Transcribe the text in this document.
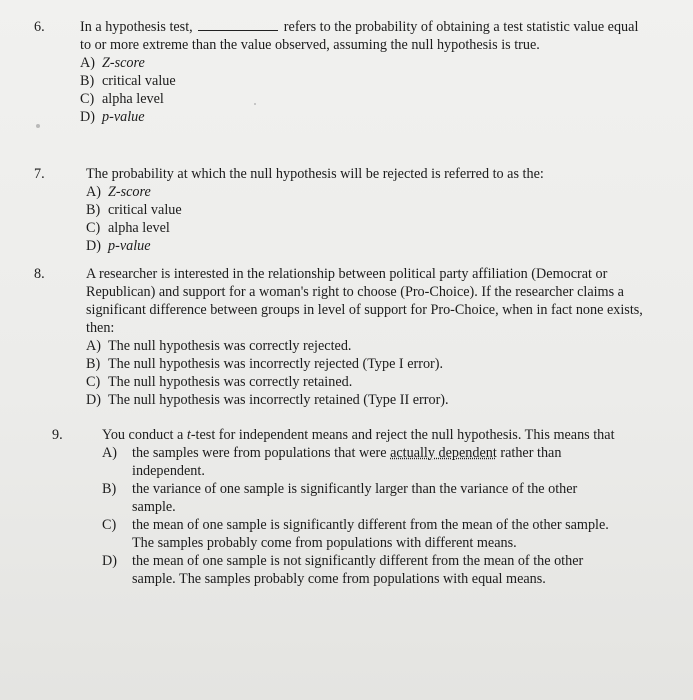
6. In a hypothesis test,	refers to the probability of obtaining a test statistic value equal to or more extreme than the value observed, assuming the null hypothesis is true.

A) Z-score
B) critical value
C) alpha level
D) p-value
7.	The probability at which the null hypothesis will be rejected is referred to as the:

A) Z-score
B) critical value
C) alpha level
D) p-value
8.	A researcher is interested in the relationship between political party affiliation (Democrat or Republican) and support for a woman's right to choose (Pro-Choice). If the researcher claims a significant difference between groups in level of support for Pro-Choice, when in fact none exists, then:

A) The null hypothesis was correctly rejected.
B) The null hypothesis was incorrectly rejected (Type I error).
C) The null hypothesis was correctly retained.
D) The null hypothesis was incorrectly retained (Type II error).
9.	You conduct a t-test for independent means and reject the null hypothesis. This means that

A)	the samples were from populations that were actually dependent rather than independent.
B)	the variance of one sample is significantly larger than the variance of the other sample.
C)	the mean of one sample is significantly different from the mean of the other sample. The samples probably come from populations with different means.
D)	the mean of one sample is not significantly different from the mean of the other sample. The samples probably come from populations with equal means.
